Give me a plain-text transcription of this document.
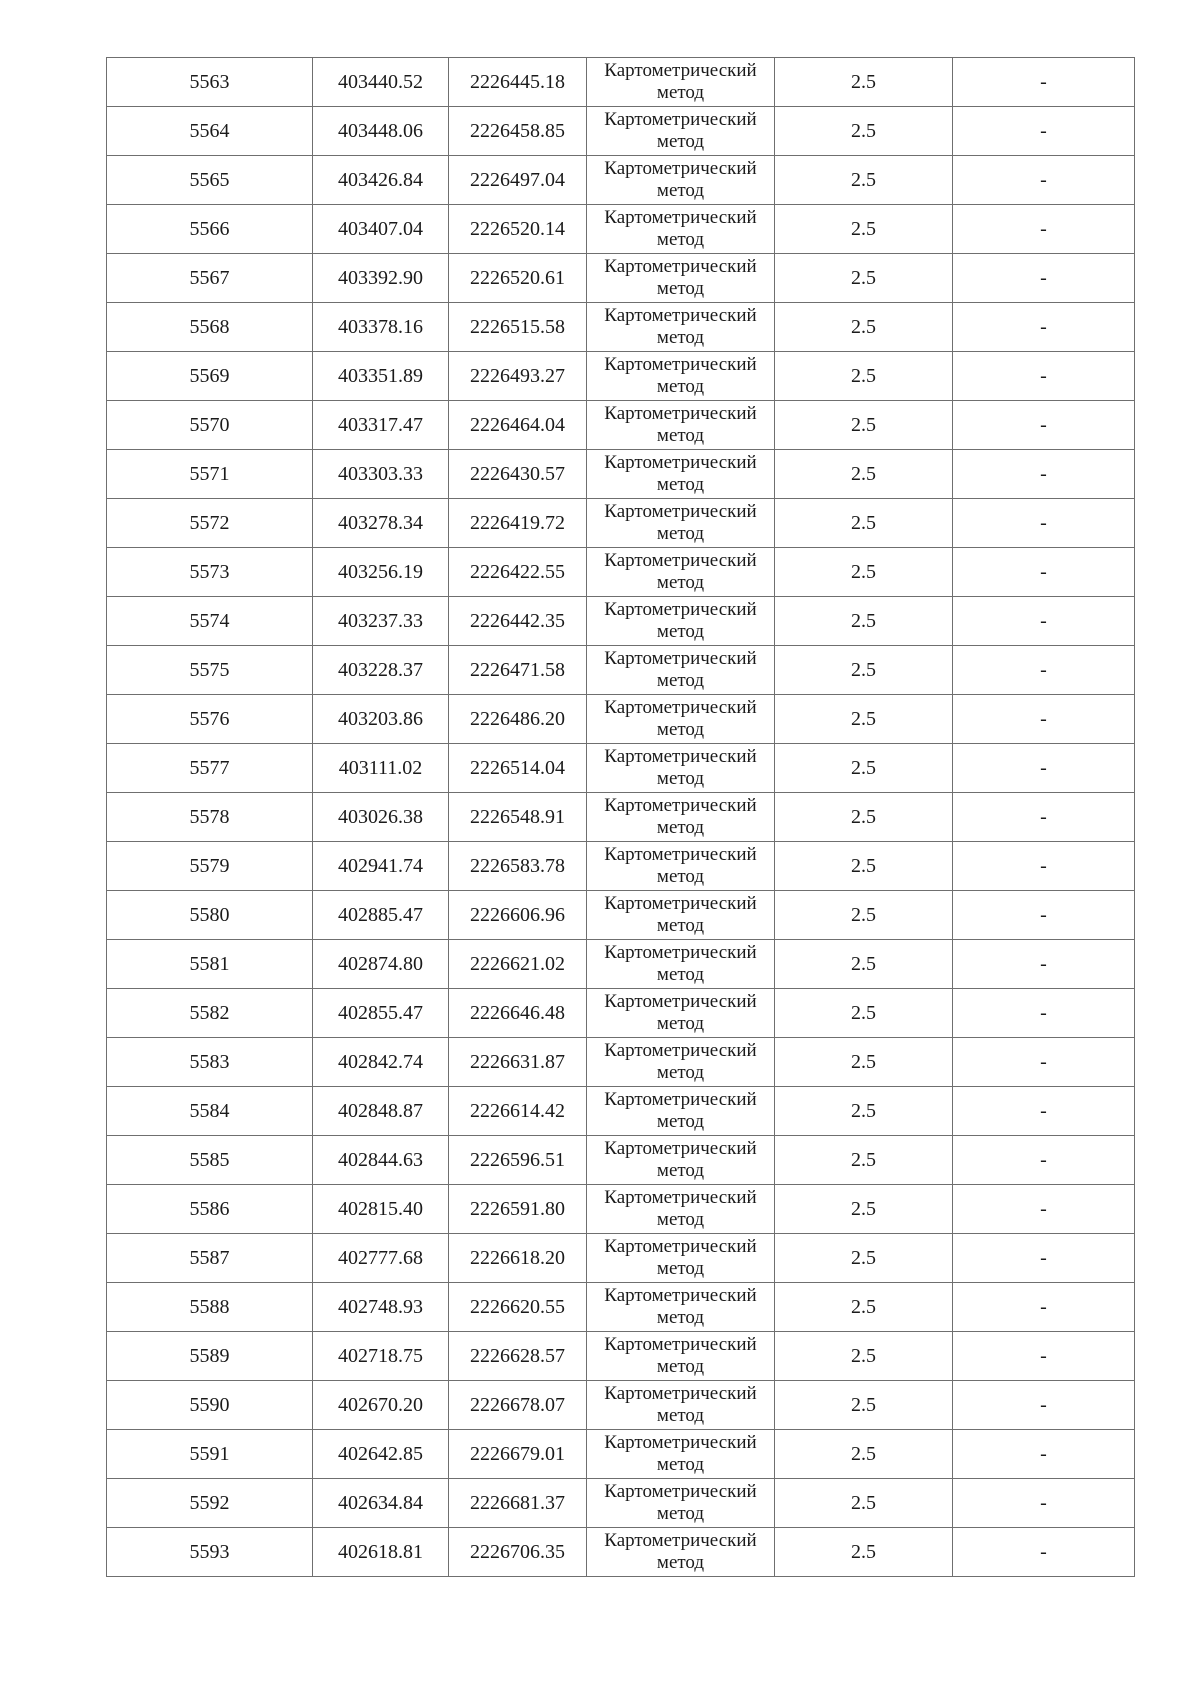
5563	403440.52	2226445.18	Картометрический
метод	2.5	-
5564	403448.06	2226458.85	Картометрический
метод	2.5	-
5565	403426.84	2226497.04	Картометрический
метод	2.5	-
5566	403407.04	2226520.14	Картометрический
метод	2.5	-
5567	403392.90	2226520.61	Картометрический
метод	2.5	-
5568	403378.16	2226515.58	Картометрический
метод	2.5	-
5569	403351.89	2226493.27	Картометрический
метод	2.5	-
5570	403317.47	2226464.04	Картометрический
метод	2.5	-
5571	403303.33	2226430.57	Картометрический
метод	2.5	-
5572	403278.34	2226419.72	Картометрический
метод	2.5	-
5573	403256.19	2226422.55	Картометрический
метод	2.5	-
5574	403237.33	2226442.35	Картометрический
метод	2.5	-
5575	403228.37	2226471.58	Картометрический
метод	2.5	-
5576	403203.86	2226486.20	Картометрический
метод	2.5	-
5577	403111.02	2226514.04	Картометрический
метод	2.5	-
5578	403026.38	2226548.91	Картометрический
метод	2.5	-
5579	402941.74	2226583.78	Картометрический
метод	2.5	-
5580	402885.47	2226606.96	Картометрический
метод	2.5	-
5581	402874.80	2226621.02	Картометрический
метод	2.5	-
5582	402855.47	2226646.48	Картометрический
метод	2.5	-
5583	402842.74	2226631.87	Картометрический
метод	2.5	-
5584	402848.87	2226614.42	Картометрический
метод	2.5	-
5585	402844.63	2226596.51	Картометрический
метод	2.5	-
5586	402815.40	2226591.80	Картометрический
метод	2.5	-
5587	402777.68	2226618.20	Картометрический
метод	2.5	-
5588	402748.93	2226620.55	Картометрический
метод	2.5	-
5589	402718.75	2226628.57	Картометрический
метод	2.5	-
5590	402670.20	2226678.07	Картометрический
метод	2.5	-
5591	402642.85	2226679.01	Картометрический
метод	2.5	-
5592	402634.84	2226681.37	Картометрический
метод	2.5	-
5593	402618.81	2226706.35	Картометрический
метод	2.5	-
